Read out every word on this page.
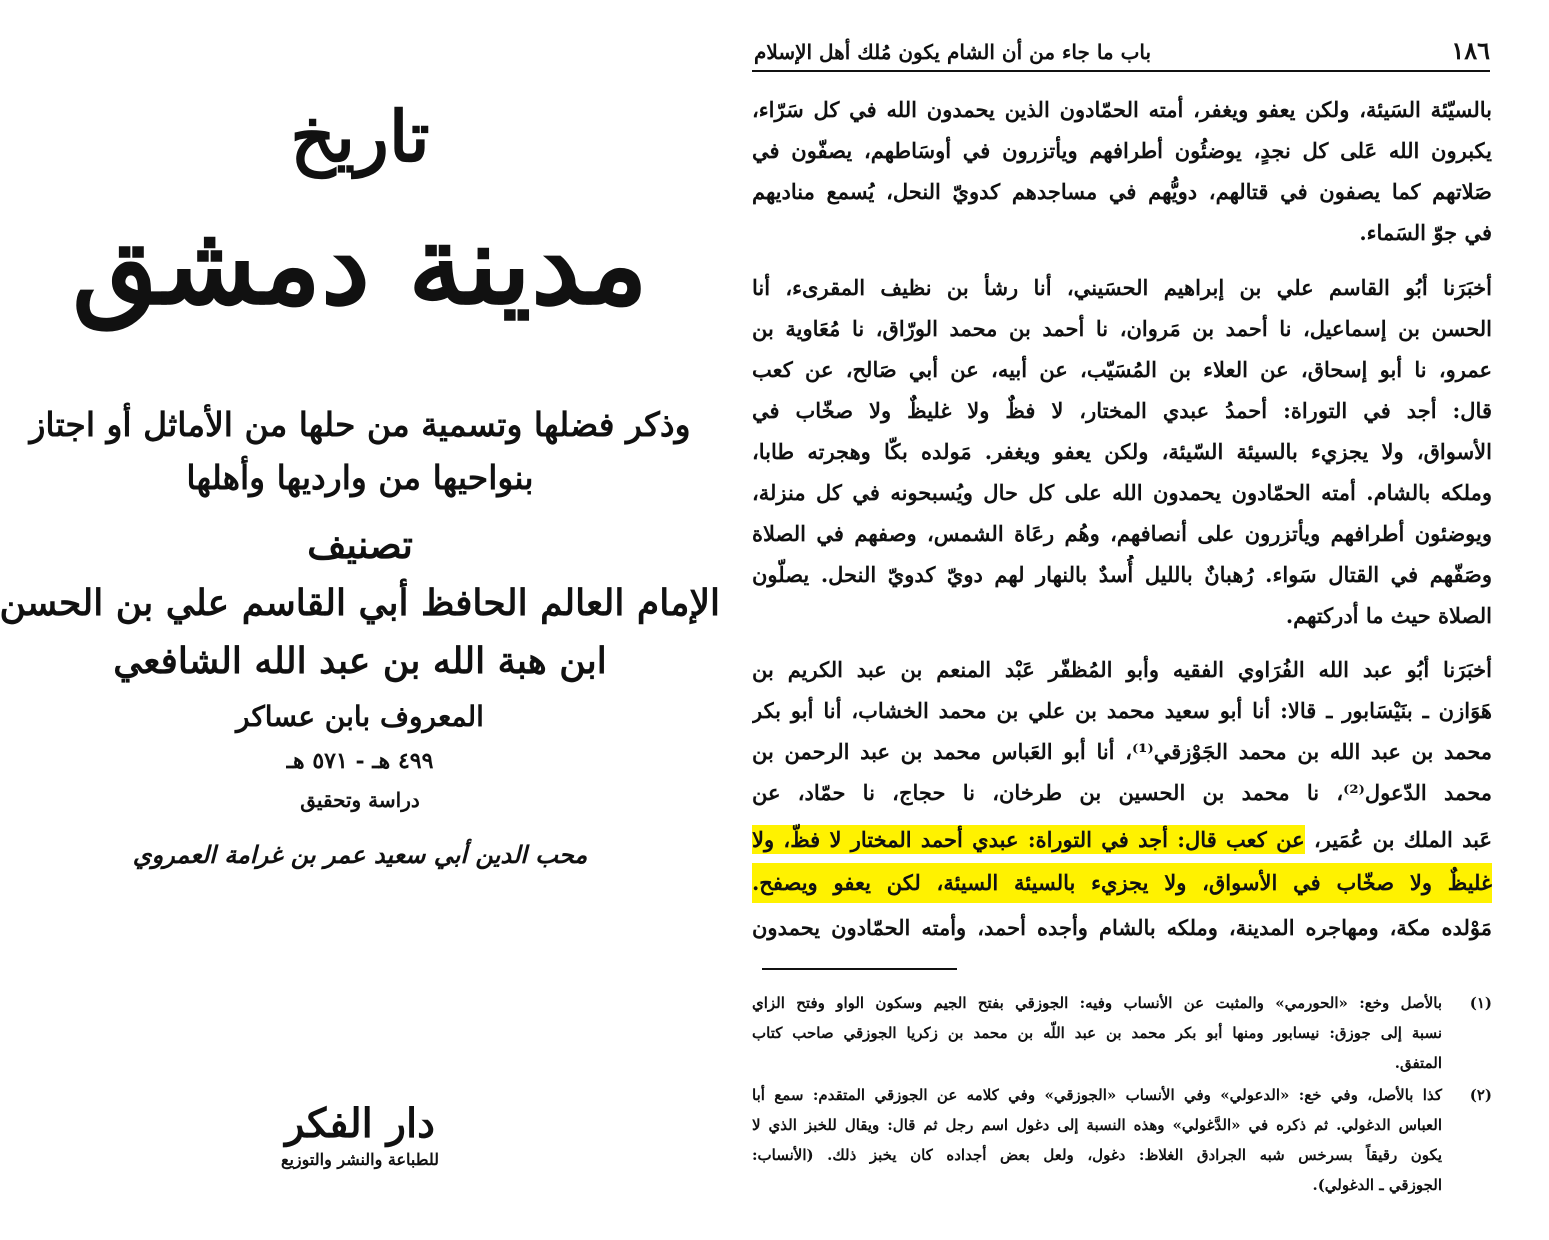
تاريخ
مدينة دمشق
وذكر فضلها وتسمية من حلها من الأماثل أو اجتاز
بنواحيها من وارديها وأهلها
تصنيف
الإمام العالم الحافظ أبي القاسم علي بن الحسن
ابن هبة الله بن عبد الله الشافعي
المعروف بابن عساكر
٤٩٩ هـ - ٥٧١ هـ
دراسة وتحقيق
محب الدين أبي سعيد عمر بن غرامة العمروي
دار الفكر
للطباعة والنشر والتوزيع
١٨٦
باب ما جاء من أن الشام يكون مُلك أهل الإسلام
بالسيّئة السَيئة، ولكن يعفو ويغفر، أمته الحمّادون الذين يحمدون الله في كل سَرّاء،
يكبرون الله عَلى كل نجدٍ، يوضئُون أطرافهم ويأتزرون في أوسَاطهم، يصفّون في
صَلاتهم كما يصفون في قتالهم، دويُّهم في مساجدهم كدويّ النحل، يُسمع مناديهم
في جوّ السَماء.
أخبَرَنا أبُو القاسم علي بن إبراهيم الحسَيني، أنا رشأ بن نظيف المقرىء، أنا
الحسن بن إسماعيل، نا أحمد بن مَروان، نا أحمد بن محمد الورّاق، نا مُعَاوية بن
عمرو، نا أبو إسحاق، عن العلاء بن المُسَيّب، عن أبيه، عن أبي صَالح، عن كعب
قال: أجد في التوراة: أحمدُ عبدي المختار، لا فظٌ ولا غليظٌ ولا صخّاب في
الأسواق، ولا يجزيء بالسيئة السّيئة، ولكن يعفو ويغفر. مَولده بكّا وهجرته طابا،
وملكه بالشام. أمته الحمّادون يحمدون الله على كل حال ويُسبحونه في كل منزلة،
ويوضئون أطرافهم ويأتزرون على أنصافهم، وهُم رعَاة الشمس، وصفهم في الصلاة
وصَفّهم في القتال سَواء. رُهبانٌ بالليل أُسدٌ بالنهار لهم دويّ كدويّ النحل. يصلّون
الصلاة حيث ما أدركتهم.
أخبَرَنا أبُو عبد الله الفُرَاوي الفقيه وأبو المُظفّر عَبْد المنعم بن عبد الكريم بن
هَوَازن ـ بنَيْسَابور ـ قالا: أنا أبو سعيد محمد بن علي بن محمد الخشاب، أنا أبو بكر
محمد بن عبد الله بن محمد الجَوْزقي⁽¹⁾، أنا أبو العَباس محمد بن عبد الرحمن بن
محمد الدّعول⁽²⁾، نا محمد بن الحسين بن طرخان، نا حجاج، نا حمّاد، عن
عَبد الملك بن عُمَير، عن كعب قال: أجد في التوراة: عبدي أحمد المختار لا فظّ، ولا
غليظٌ ولا صخّاب في الأسواق، ولا يجزيء بالسيئة السيئة، لكن يعفو ويصفح.
مَوْلده مكة، ومهاجره المدينة، وملكه بالشام وأجده أحمد، وأمته الحمّادون يحمدون
(١)
بالأصل وخع: «الحورمي» والمثبت عن الأنساب وفيه: الجوزقي بفتح الجيم وسكون الواو وفتح الزاي
نسبة إلى جوزق: نيسابور ومنها أبو بكر محمد بن عبد اللّه بن محمد بن زكريا الجوزقي صاحب كتاب
المتفق.
(٢)
كذا بالأصل، وفي خع: «الدعولي» وفي الأنساب «الجوزقي» وفي كلامه عن الجوزقي المتقدم: سمع أبا
العباس الدغولي. ثم ذكره في «الدَّغولي» وهذه النسبة إلى دغول اسم رجل ثم قال: ويقال للخبز الذي لا
يكون رقيقاً بسرخس شبه الجرادق الغلاظ: دغول، ولعل بعض أجداده كان يخبز ذلك. (الأنساب:
الجوزقي ـ الدغولي).
